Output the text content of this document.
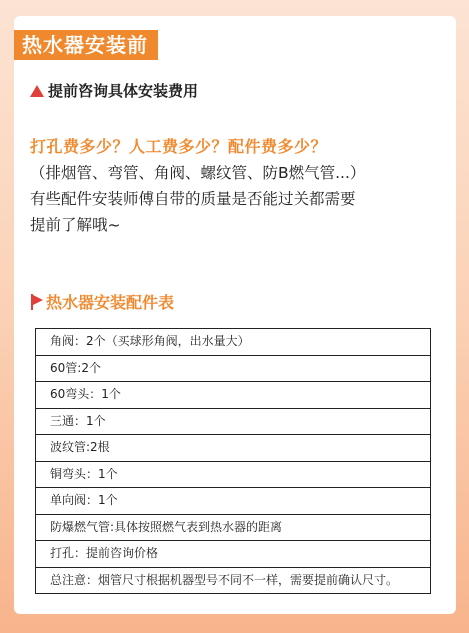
热水器安装前
提前咨询具体安装费用
打孔费多少？人工费多少？配件费多少？
（排烟管、弯管、角阀、螺纹管、防B燃气管...）
有些配件安装师傅自带的质量是否能过关都需要
提前了解哦~
热水器安装配件表
角阀：2个（买球形角阀，出水量大）
60管:2个
60弯头：1个
三通：1个
波纹管:2根
铜弯头：1个
单向阀：1个
防爆燃气管:具体按照燃气表到热水器的距离
打孔：提前咨询价格
总注意：烟管尺寸根据机器型号不同不一样，需要提前确认尺寸。
